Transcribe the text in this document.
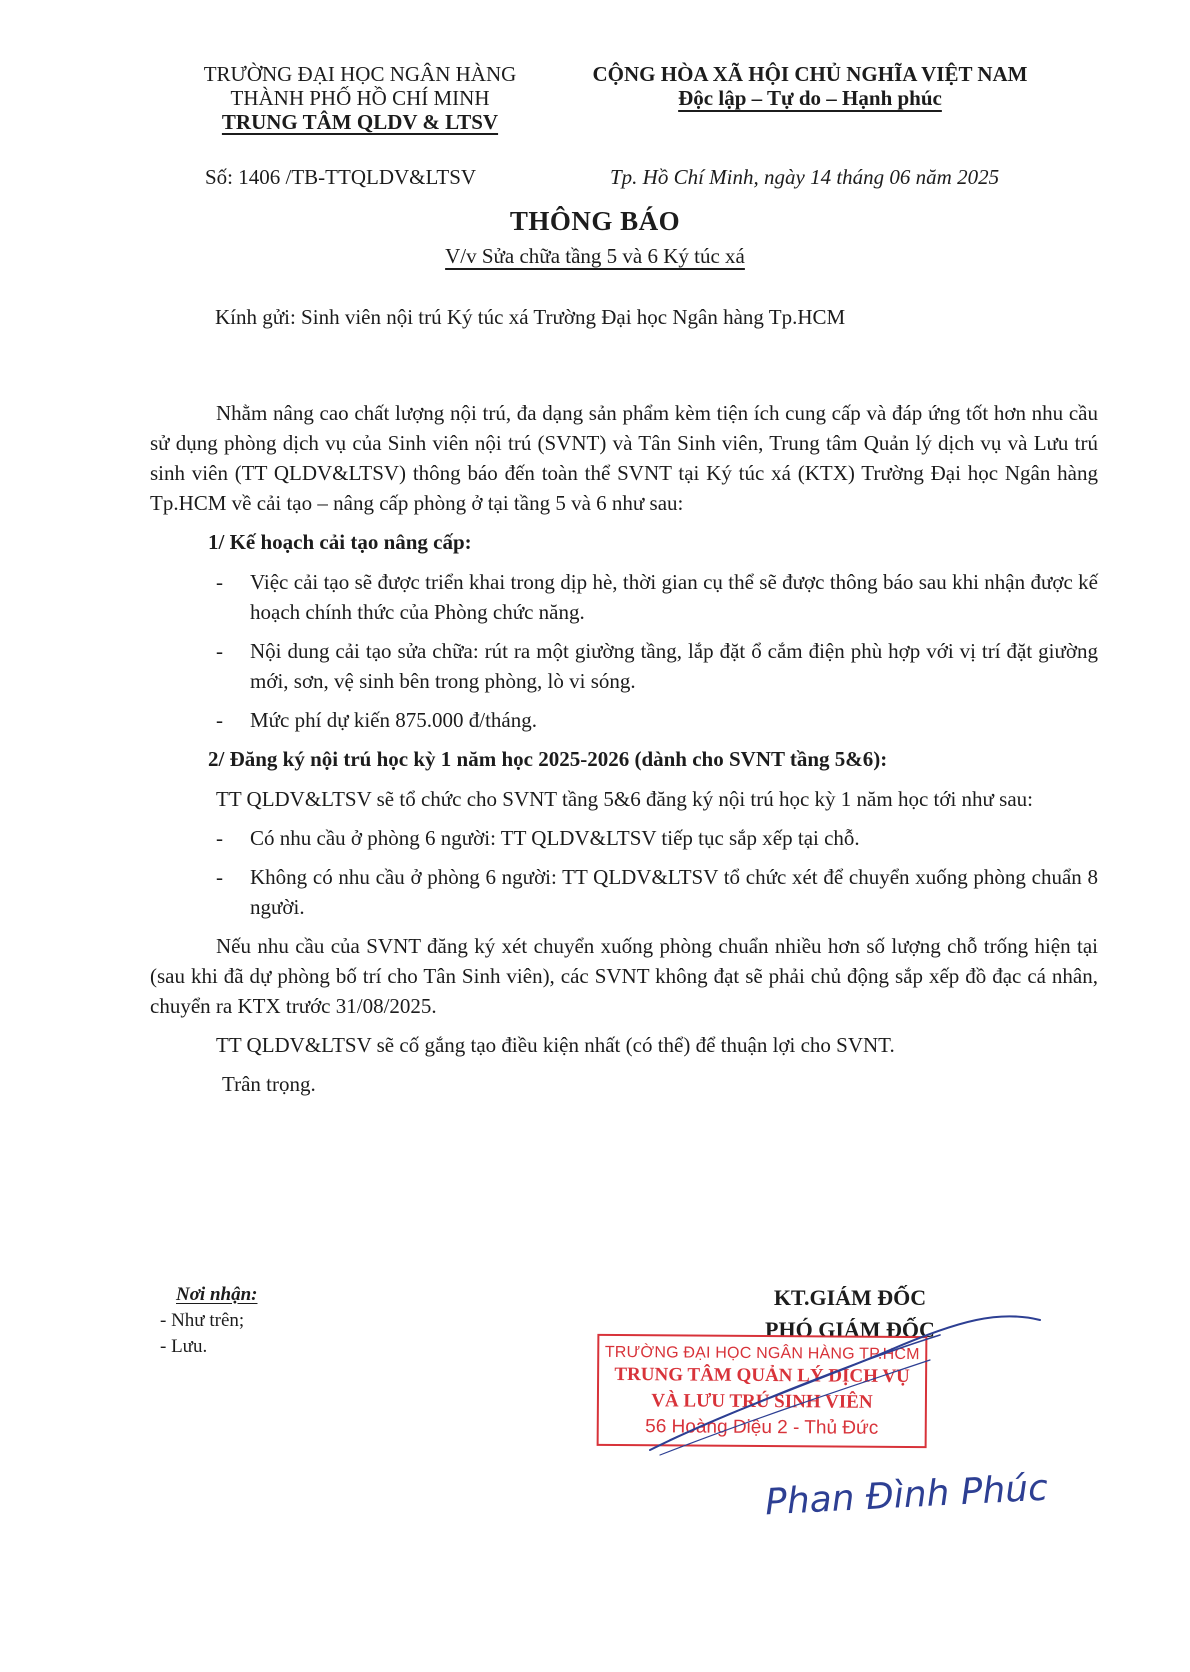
TRƯỜNG ĐẠI HỌC NGÂN HÀNG
THÀNH PHỐ HỒ CHÍ MINH
TRUNG TÂM QLDV & LTSV
CỘNG HÒA XÃ HỘI CHỦ NGHĨA VIỆT NAM
Độc lập – Tự do – Hạnh phúc
Số: 1406 /TB-TTQLDV&LTSV	Tp. Hồ Chí Minh, ngày 14 tháng 06 năm 2025
THÔNG BÁO
V/v Sửa chữa tầng 5 và 6 Ký túc xá
Kính gửi: Sinh viên nội trú Ký túc xá Trường Đại học Ngân hàng Tp.HCM

Nhằm nâng cao chất lượng nội trú, đa dạng sản phẩm kèm tiện ích cung cấp và đáp ứng tốt hơn nhu cầu sử dụng phòng dịch vụ của Sinh viên nội trú (SVNT) và Tân Sinh viên, Trung tâm Quản lý dịch vụ và Lưu trú sinh viên (TT QLDV&LTSV) thông báo đến toàn thể SVNT tại Ký túc xá (KTX) Trường Đại học Ngân hàng Tp.HCM về cải tạo – nâng cấp phòng ở tại tầng 5 và 6 như sau:

1/ Kế hoạch cải tạo nâng cấp:
- Việc cải tạo sẽ được triển khai trong dịp hè, thời gian cụ thể sẽ được thông báo sau khi nhận được kế hoạch chính thức của Phòng chức năng.
- Nội dung cải tạo sửa chữa: rút ra một giường tầng, lắp đặt ổ cắm điện phù hợp với vị trí đặt giường mới, sơn, vệ sinh bên trong phòng, lò vi sóng.
- Mức phí dự kiến 875.000 đ/tháng.
2/ Đăng ký nội trú học kỳ 1 năm học 2025-2026 (dành cho SVNT tầng 5&6):

TT QLDV&LTSV sẽ tổ chức cho SVNT tầng 5&6 đăng ký nội trú học kỳ 1 năm học tới như sau:

- Có nhu cầu ở phòng 6 người: TT QLDV&LTSV tiếp tục sắp xếp tại chỗ.
- Không có nhu cầu ở phòng 6 người: TT QLDV&LTSV tổ chức xét để chuyển xuống phòng chuẩn 8 người.

Nếu nhu cầu của SVNT đăng ký xét chuyển xuống phòng chuẩn nhiều hơn số lượng chỗ trống hiện tại (sau khi đã dự phòng bố trí cho Tân Sinh viên), các SVNT không đạt sẽ phải chủ động sắp xếp đồ đạc cá nhân, chuyển ra KTX trước 31/08/2025.

TT QLDV&LTSV sẽ cố gắng tạo điều kiện nhất (có thể) để thuận lợi cho SVNT.

Trân trọng.

Nơi nhận:
- Như trên;
- Lưu.
KT.GIÁM ĐỐC
PHÓ GIÁM ĐỐC
TRƯỜNG ĐẠI HỌC NGÂN HÀNG TP.HCM
TRUNG TÂM QUẢN LÝ DỊCH VỤ
VÀ LƯU TRÚ SINH VIÊN
56 Hoàng Diệu 2 - Thủ Đức
Phan Đình Phúc
